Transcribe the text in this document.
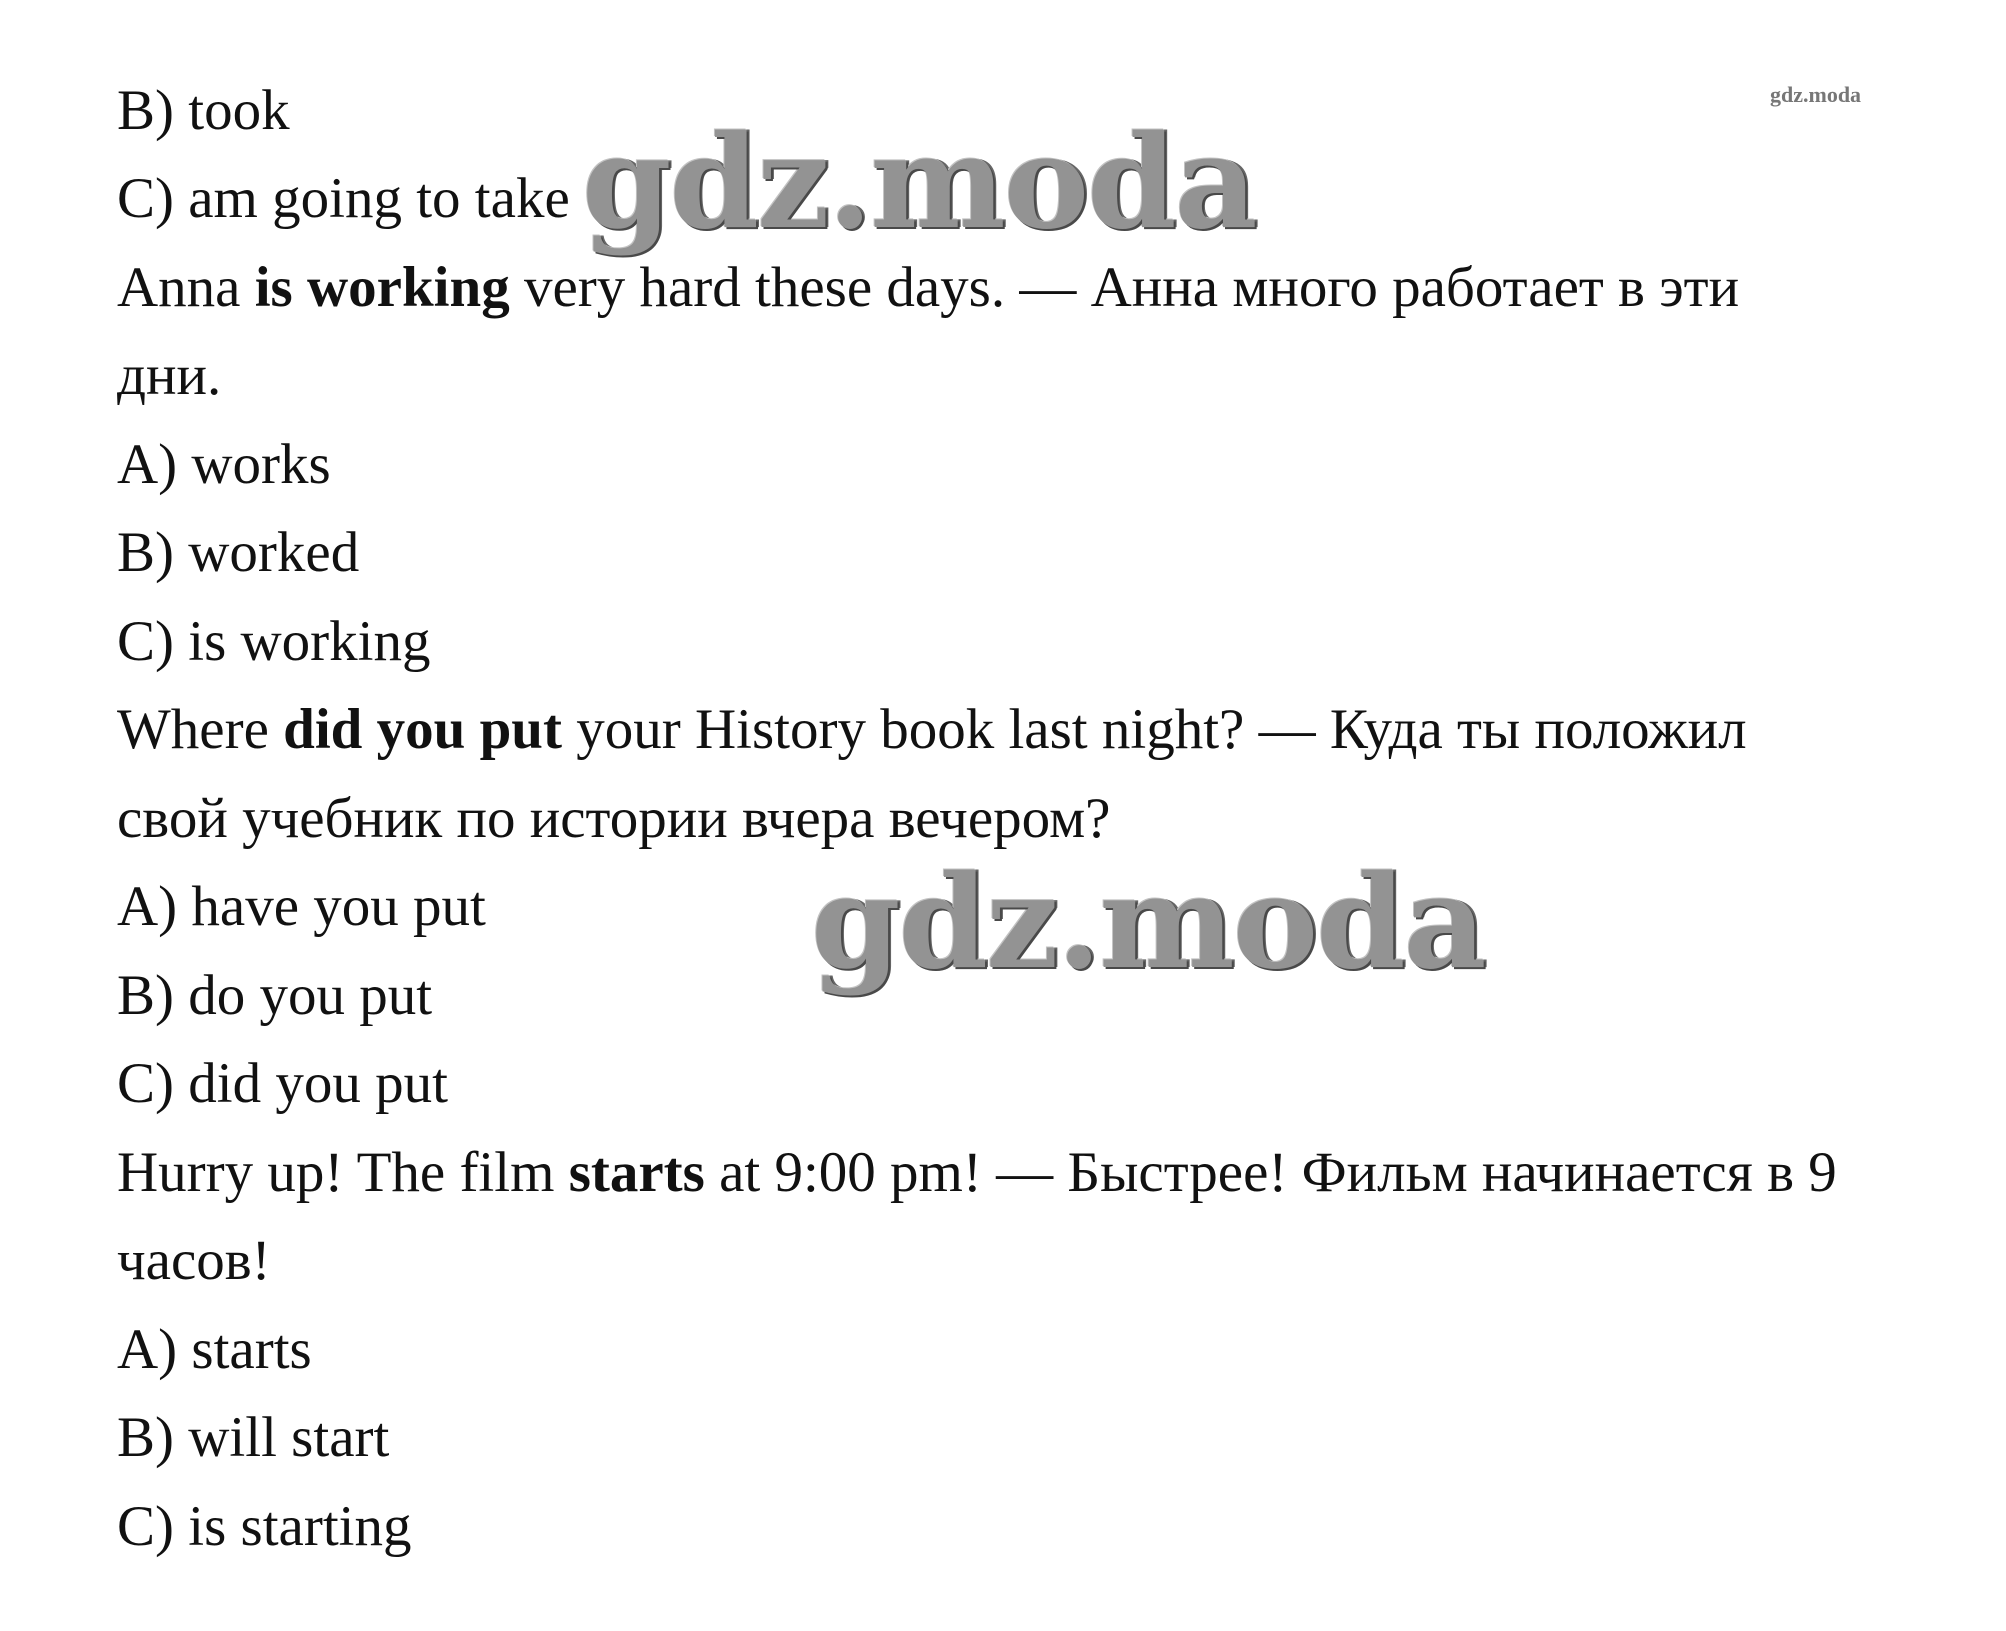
gdz.moda
B) took
C) am going to take
Anna is working very hard these days. — Анна много работает в эти
дни.
A) works
B) worked
C) is working
Where did you put your History book last night? — Куда ты положил
свой учебник по истории вчера вечером?
A) have you put
B) do you put
C) did you put
Hurry up! The film starts at 9:00 pm! — Быстрее! Фильм начинается в 9
часов!
A) starts
B) will start
C) is starting
gdz.moda
gdz.moda
